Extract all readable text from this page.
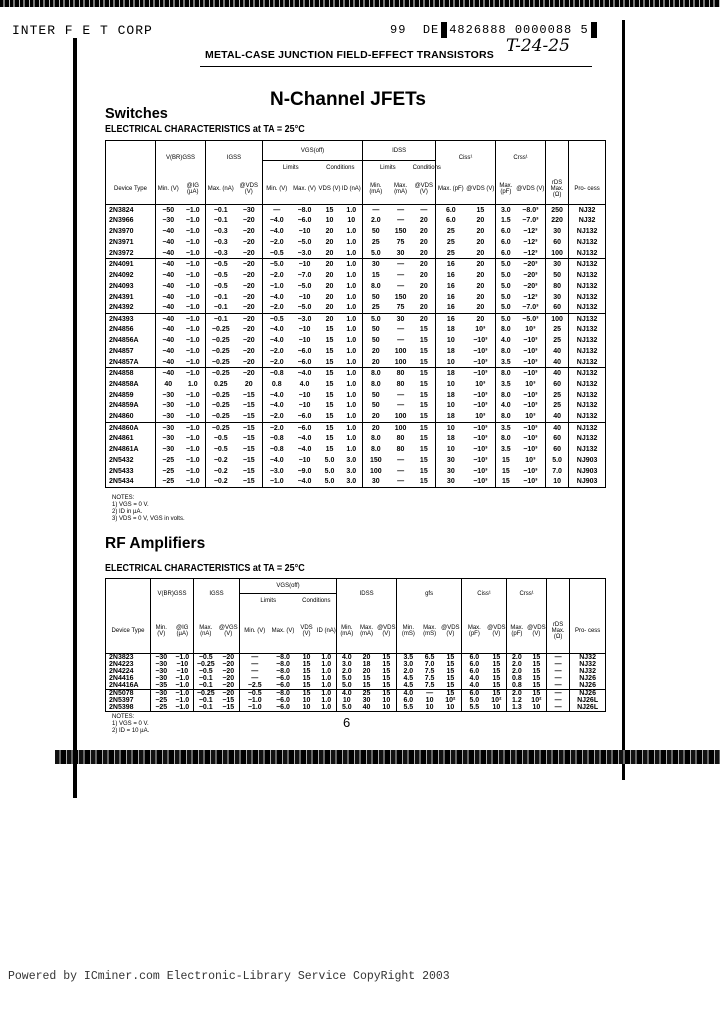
INTER F E T CORP	99 DE 4826888 0000088 5
T-24-25
METAL-CASE JUNCTION FIELD-EFFECT TRANSISTORS
N-Channel JFETs
Switches
ELECTRICAL CHARACTERISTICS at TA = 25°C
	V(BR)GSS		IGSS		VGS(off)				IDSS			Ciss¹		Crss¹			
					Limits		Conditions		Limits		Conditions						
Device Type	Min. (V)	@IG (µA)	Max. (nA)	@VDS (V)	Min. (V)	Max. (V)	VDS (V)	ID (nA)	Min. (mA)	Max. (mA)	@VDS (V)	Max. (pF)	@VDS (V)	Max. (pF)	@VDS (V)	rDS Max. (Ω)	Pro- cess
2N3824	−50	−1.0	−0.1	−30	—	−8.0	15	1.0	—	—	—	6.0	15	3.0	−8.0³	250	NJ32
2N3966	−30	−1.0	−0.1	−20	−4.0	−6.0	10	10	2.0	—	20	6.0	20	1.5	−7.0³	220	NJ32
2N3970	−40	−1.0	−0.3	−20	−4.0	−10	20	1.0	50	150	20	25	20	6.0	−12³	30	NJ132
2N3971	−40	−1.0	−0.3	−20	−2.0	−5.0	20	1.0	25	75	20	25	20	6.0	−12³	60	NJ132
2N3972	−40	−1.0	−0.3	−20	−0.5	−3.0	20	1.0	5.0	30	20	25	20	6.0	−12³	100	NJ132
2N4091	−40	−1.0	−0.5	−20	−5.0	−10	20	1.0	30	—	20	16	20	5.0	−20³	30	NJ132
2N4092	−40	−1.0	−0.5	−20	−2.0	−7.0	20	1.0	15	—	20	16	20	5.0	−20³	50	NJ132
2N4093	−40	−1.0	−0.5	−20	−1.0	−5.0	20	1.0	8.0	—	20	16	20	5.0	−20³	80	NJ132
2N4391	−40	−1.0	−0.1	−20	−4.0	−10	20	1.0	50	150	20	16	20	5.0	−12³	30	NJ132
2N4392	−40	−1.0	−0.1	−20	−2.0	−5.0	20	1.0	25	75	20	16	20	5.0	−7.0³	60	NJ132
2N4393	−40	−1.0	−0.1	−20	−0.5	−3.0	20	1.0	5.0	30	20	16	20	5.0	−5.0³	100	NJ132
2N4856	−40	−1.0	−0.25	−20	−4.0	−10	15	1.0	50	—	15	18	10³	8.0	10³	25	NJ132
2N4856A	−40	−1.0	−0.25	−20	−4.0	−10	15	1.0	50	—	15	10	−10³	4.0	−10³	25	NJ132
2N4857	−40	−1.0	−0.25	−20	−2.0	−6.0	15	1.0	20	100	15	18	−10³	8.0	−10³	40	NJ132
2N4857A	−40	−1.0	−0.25	−20	−2.0	−6.0	15	1.0	20	100	15	10	−10³	3.5	−10³	40	NJ132
2N4858	−40	−1.0	−0.25	−20	−0.8	−4.0	15	1.0	8.0	80	15	18	−10³	8.0	−10³	40	NJ132
2N4858A	40	1.0	0.25	20	0.8	4.0	15	1.0	8.0	80	15	10	10³	3.5	10³	60	NJ132
2N4859	−30	−1.0	−0.25	−15	−4.0	−10	15	1.0	50	—	15	18	−10³	8.0	−10³	25	NJ132
2N4859A	−30	−1.0	−0.25	−15	−4.0	−10	15	1.0	50	—	15	10	−10³	4.0	−10³	25	NJ132
2N4860	−30	−1.0	−0.25	−15	−2.0	−6.0	15	1.0	20	100	15	18	10³	8.0	10³	40	NJ132
2N4860A	−30	−1.0	−0.25	−15	−2.0	−6.0	15	1.0	20	100	15	10	−10³	3.5	−10³	40	NJ132
2N4861	−30	−1.0	−0.5	−15	−0.8	−4.0	15	1.0	8.0	80	15	18	−10³	8.0	−10³	60	NJ132
2N4861A	−30	−1.0	−0.5	−15	−0.8	−4.0	15	1.0	8.0	80	15	10	−10³	3.5	−10³	60	NJ132
2N5432	−25	−1.0	−0.2	−15	−4.0	−10	5.0	3.0	150	—	15	30	−10³	15	10³	5.0	NJ903
2N5433	−25	−1.0	−0.2	−15	−3.0	−9.0	5.0	3.0	100	—	15	30	−10³	15	−10³	7.0	NJ903
2N5434	−25	−1.0	−0.2	−15	−1.0	−4.0	5.0	3.0	30	—	15	30	−10³	15	−10³	10	NJ903
NOTES:
1) VGS = 0 V.
2) ID in µA.
3) VDS = 0 V, VGS in volts.
RF Amplifiers
ELECTRICAL CHARACTERISTICS at TA = 25°C
	V(BR)GSS		IGSS		VGS(off)				IDSS			gfs			Ciss¹		Crss¹			
					Limits		Conditions													
Device Type	Min. (V)	@IG (µA)	Max. (nA)	@VGS (V)	Min. (V)	Max. (V)	VDS (V)	ID (nA)	Min. (mA)	Max. (mA)	@VDS (V)	Min. (mS)	Max. (mS)	@VDS (V)	Max. (pF)	@VDS (V)	Max. (pF)	@VDS (V)	rDS Max. (Ω)	Pro- cess
2N3823	−30	−1.0	−0.5	−20	—	−8.0	10	1.0	4.0	20	15	3.5	6.5	15	6.0	15	2.0	15	—	NJ32
2N4223	−30	−10	−0.25	−20	—	−8.0	15	1.0	3.0	18	15	3.0	7.0	15	6.0	15	2.0	15	—	NJ32
2N4224	−30	−10	−0.5	−20	—	−8.0	15	1.0	2.0	20	15	2.0	7.5	15	6.0	15	2.0	15	—	NJ32
2N4416	−30	−1.0	−0.1	−20	—	−6.0	15	1.0	5.0	15	15	4.5	7.5	15	4.0	15	0.8	15	—	NJ26
2N4416A	−35	−1.0	−0.1	−20	−2.5	−6.0	15	1.0	5.0	15	15	4.5	7.5	15	4.0	15	0.8	15	—	NJ26
2N5078	−30	−1.0	−0.25	−20	−0.5	−8.0	15	1.0	4.0	25	15	4.0	—	15	6.0	15	2.0	15	—	NJ26
2N5397	−25	−1.0	−0.1	−15	−1.0	−6.0	10	1.0	10	30	10	6.0	10	10²	5.0	10²	1.2	10²	—	NJ26L
2N5398	−25	−1.0	−0.1	−15	−1.0	−6.0	10	1.0	5.0	40	10	5.5	10	10	5.5	10	1.3	10	—	NJ26L
NOTES:
1) VGS = 0 V.
2) ID = 10 µA.
6
Powered by ICminer.com Electronic-Library Service CopyRight 2003
